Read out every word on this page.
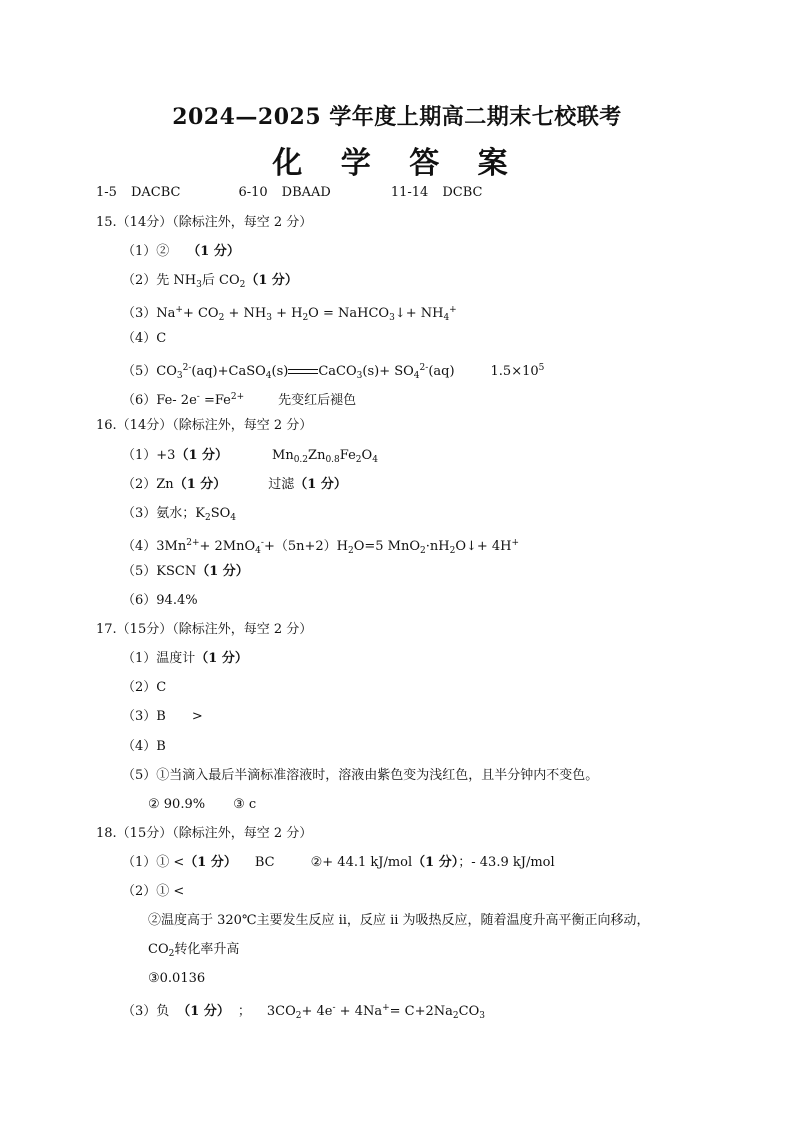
2024—2025 学年度上期高二期末七校联考
化 学 答 案
1-5 DACBC	6-10 DBAAD	11-14 DCBC
15.（14分）（除标注外，每空 2 分）
（1）② （1 分）
（2）先 $NH_3$后 $CO_2(1$ 分）
$(3)Na^++ CO_2 + NH_3 + H_2O$ = NaHCO$_3$↓+ $NH_4^+$
（4）C
$(5)CO_3^{2-}(aq)+CaSO_4(s)$ CaCO$_3$(s)+ $SO_4^{2-}(aq)$	$1.5\times 10^5$
（6）Fe- $2e^- =Fe^{2+}$	先变红后褪色
16.（14分）（除标注外，每空 2 分）
（1）+3（1 分）	$Mn_{0.2}Zn_{0.8}Fe_2O_4$
（2）Zn（1 分）	过滤（1 分）
（3）氨水；$K_2SO_4$
$(4)3Mn^{2+}+ 2MnO_4^-+(5n+2)H_2O=5$ $MnO_2\cdot nH_2O↓+ 4H^+$
（5）KSCN（1 分）
（6）94.4%
17.（15分）（除标注外，每空 2 分）
（1）温度计（1 分）
（2）C
（3）B >
（4）B
（5）①当滴入最后半滴标准溶液时，溶液由紫色变为浅红色，且半分钟内不变色。
② 90.9% ③ c
18.（15分）（除标注外，每空 2 分）
（1）① <（1 分） BC	②+ 44.1 kJ/mol（1 分）；- 43.9 kJ/mol
（2）① <
②温度高于 320℃主要发生反应 ii，反应 ii 为吸热反应，随着温度升高平衡正向移动，
$CO_2$转化率升高
③0.0136
（3）负 （1 分） ； $3CO_2+ 4e^- + 4Na^+= C+2Na_2CO_3$
